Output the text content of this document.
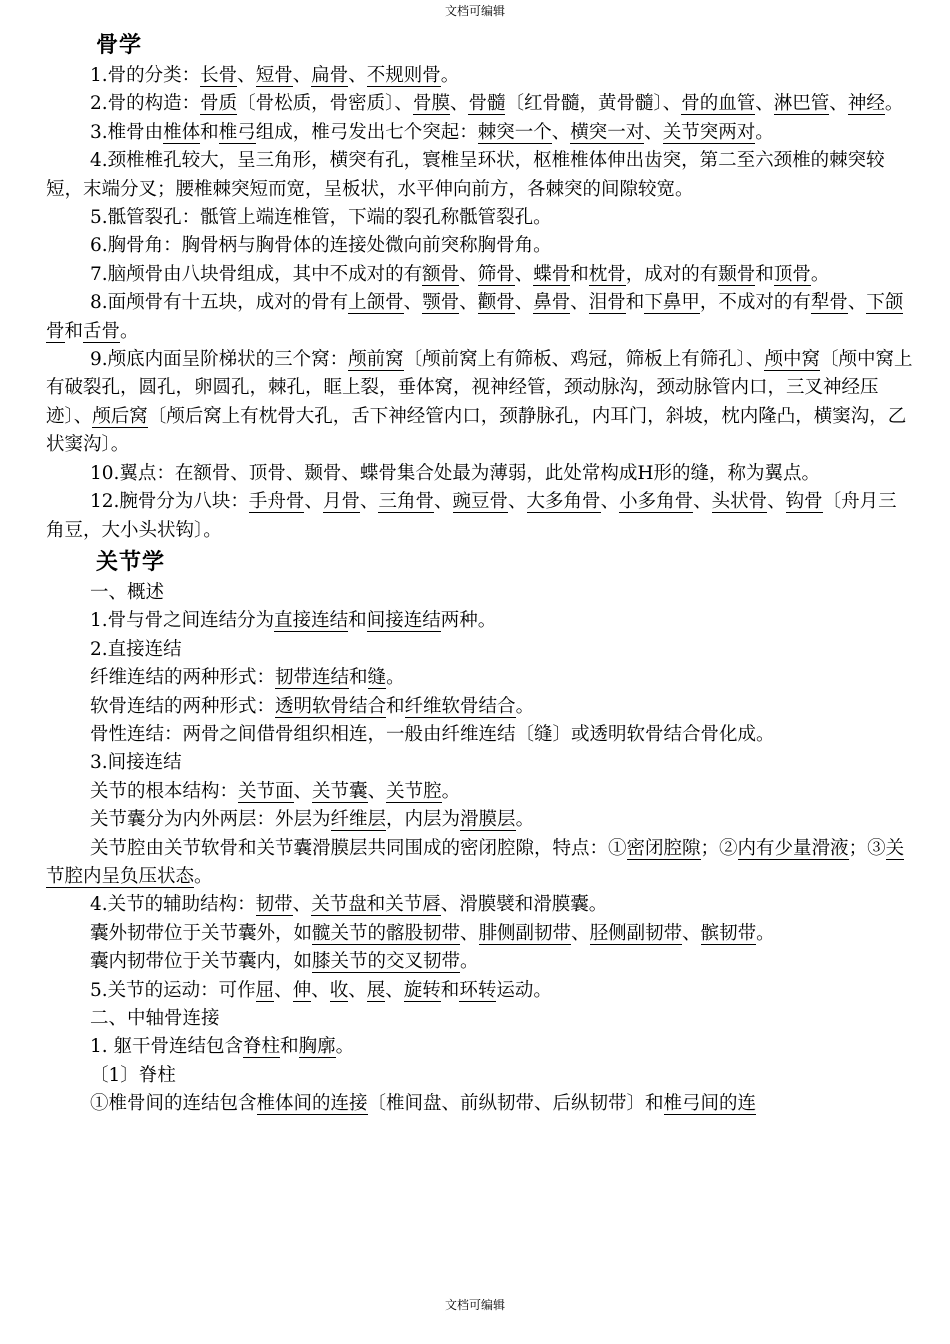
文档可编辑
骨学

1.骨的分类：长骨、短骨、扁骨、不规则骨。

2.骨的构造：骨质〔骨松质，骨密质〕、骨膜、骨髓〔红骨髓，黄骨髓〕、骨的血管、淋巴管、神经。

3.椎骨由椎体和椎弓组成，椎弓发出七个突起：棘突一个、横突一对、关节突两对。

4.颈椎椎孔较大，呈三角形，横突有孔，寰椎呈环状，枢椎椎体伸出齿突，第二至六颈椎的棘突较短，末端分叉；腰椎棘突短而宽，呈板状，水平伸向前方，各棘突的间隙较宽。

5.骶管裂孔：骶管上端连椎管，下端的裂孔称骶管裂孔。

6.胸骨角：胸骨柄与胸骨体的连接处微向前突称胸骨角。

7.脑颅骨由八块骨组成，其中不成对的有额骨、筛骨、蝶骨和枕骨，成对的有颞骨和顶骨。

8.面颅骨有十五块，成对的骨有上颌骨、颚骨、颧骨、鼻骨、泪骨和下鼻甲，不成对的有犁骨、下颌骨和舌骨。

9.颅底内面呈阶梯状的三个窝：颅前窝〔颅前窝上有筛板、鸡冠，筛板上有筛孔〕、颅中窝〔颅中窝上有破裂孔，圆孔，卵圆孔，棘孔，眶上裂，垂体窝，视神经管，颈动脉沟，颈动脉管内口，三叉神经压迹〕、颅后窝〔颅后窝上有枕骨大孔，舌下神经管内口，颈静脉孔，内耳门，斜坡，枕内隆凸，横窦沟，乙状窦沟〕。

10.翼点：在额骨、顶骨、颞骨、蝶骨集合处最为薄弱，此处常构成H形的缝，称为翼点。

12.腕骨分为八块：手舟骨、月骨、三角骨、豌豆骨、大多角骨、小多角骨、头状骨、钩骨〔舟月三角豆，大小头状钩〕。

关节学

一、概述

1.骨与骨之间连结分为直接连结和间接连结两种。

2.直接连结

纤维连结的两种形式：韧带连结和缝。

软骨连结的两种形式：透明软骨结合和纤维软骨结合。

骨性连结：两骨之间借骨组织相连，一般由纤维连结〔缝〕或透明软骨结合骨化成。

3.间接连结

关节的根本结构：关节面、关节囊、关节腔。

关节囊分为内外两层：外层为纤维层，内层为滑膜层。

关节腔由关节软骨和关节囊滑膜层共同围成的密闭腔隙，特点：①密闭腔隙；②内有少量滑液；③关节腔内呈负压状态。

4.关节的辅助结构：韧带、关节盘和关节唇、滑膜襞和滑膜囊。

囊外韧带位于关节囊外，如髋关节的髂股韧带、腓侧副韧带、胫侧副韧带、髌韧带。

囊内韧带位于关节囊内，如膝关节的交叉韧带。

5.关节的运动：可作屈、伸、收、展、旋转和环转运动。

二、中轴骨连接

1. 躯干骨连结包含脊柱和胸廓。

〔1〕脊柱

①椎骨间的连结包含椎体间的连接〔椎间盘、前纵韧带、后纵韧带〕和椎弓间的连

文档可编辑
